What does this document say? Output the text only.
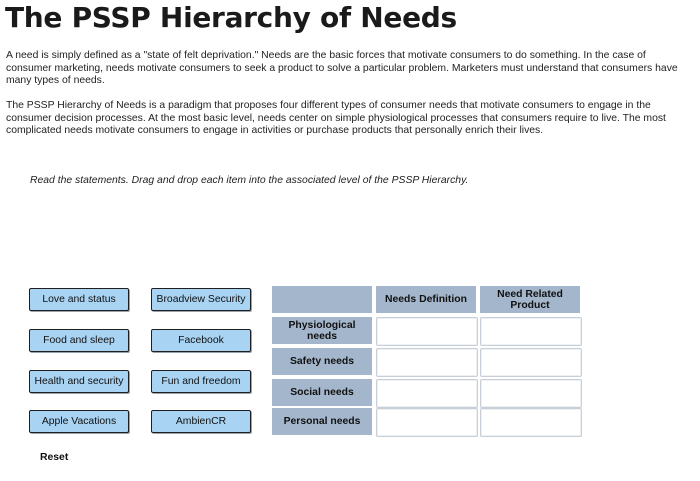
The PSSP Hierarchy of Needs

A need is simply defined as a "state of felt deprivation." Needs are the basic forces that motivate consumers to do something. In the case of consumer marketing, needs motivate consumers to seek a product to solve a particular problem. Marketers must understand that consumers have many types of needs.

The PSSP Hierarchy of Needs is a paradigm that proposes four different types of consumer needs that motivate consumers to engage in the consumer decision processes. At the most basic level, needs center on simple physiological processes that consumers require to live. The most complicated needs motivate consumers to engage in activities or purchase products that personally enrich their lives.

Read the statements. Drag and drop each item into the associated level of the PSSP Hierarchy.

Love and status
Food and sleep
Health and security
Apple Vacations
Broadview Security
Facebook
Fun and freedom
AmbienCR
Needs Definition	Need Related Product
Physiological needs
Safety needs
Social needs
Personal needs
Reset
